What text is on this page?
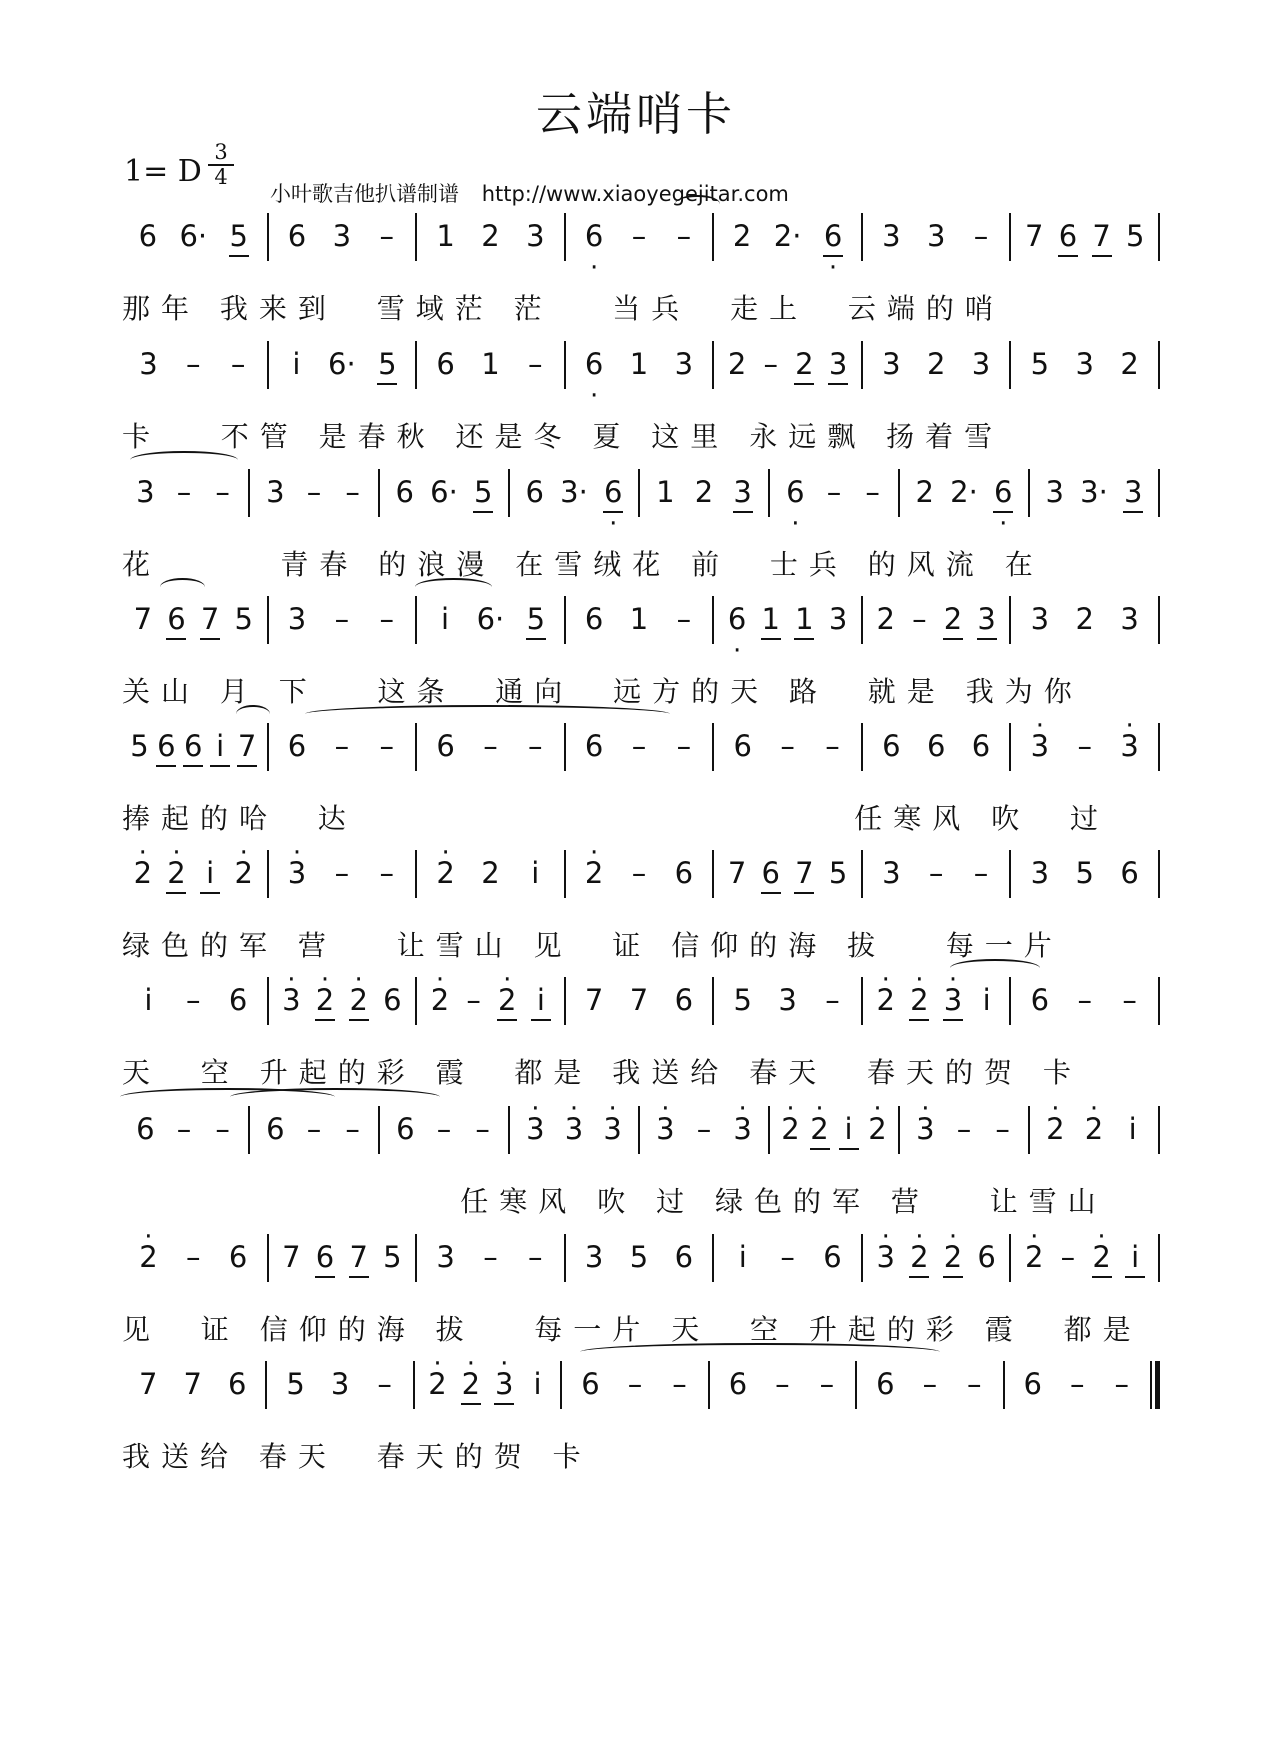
云端哨卡
1= D
3
4
小叶歌吉他扒谱制谱 http://www.xiaoyegejitar.com
6 6· 5 6 3 – 1 2 3 · 6 – – 2 2· · 6 3 3 – 7 6 7 5
那年 我来到  雪域茫 茫   当兵  走上  云端的哨
3 – – i 6· 5 6 1 – · 6 1 3 2 – 2 3 3 2 3 5 3 2
卡   不管 是春秋 还是冬 夏 这里 永远飘 扬着雪
3 – – 3 – – 6 6· 5 6 3· · 6 1 2 3 · 6 – – 2 2· · 6 3 3· 3
花      青春 的浪漫 在雪绒花 前  士兵 的风流 在
7 6 7 5 3 – – i 6· 5 6 1 – · 6 1 1 3 2 – 2 3 3 2 3
关山 月 下   这条  通向  远方的天 路  就是 我为你
5 6 6 i 7 6 – – 6 – – 6 – – 6 – – 6 6 6 · 3 – · 3
捧起的哈  达                         任寒风 吹  过
· 2 · 2 i · 2 · 3 – – · 2 2 i · 2 – 6 7 6 7 5 3 – – 3 5 6
绿色的军 营   让雪山 见  证 信仰的海 拔   每一片
i – 6 · 3 · 2 · 2 6 · 2 – · 2 i 7 7 6 5 3 – · 2 · 2 · 3 i 6 – –
天  空 升起的彩 霞  都是 我送给 春天  春天的贺 卡
6 – – 6 – – 6 – – · 3 · 3 · 3 · 3 – · 3 · 2 · 2 i · 2 · 3 – – · 2 · 2 i
任寒风 吹 过 绿色的军 营   让雪山
· 2 – 6 7 6 7 5 3 – – 3 5 6 i – 6 · 3 · 2 · 2 6 · 2 – · 2 i
见  证 信仰的海 拔   每一片 天  空 升起的彩 霞  都是
7 7 6 5 3 – · 2 · 2 · 3 i 6 – – 6 – – 6 – – 6 – –
我送给 春天  春天的贺 卡
